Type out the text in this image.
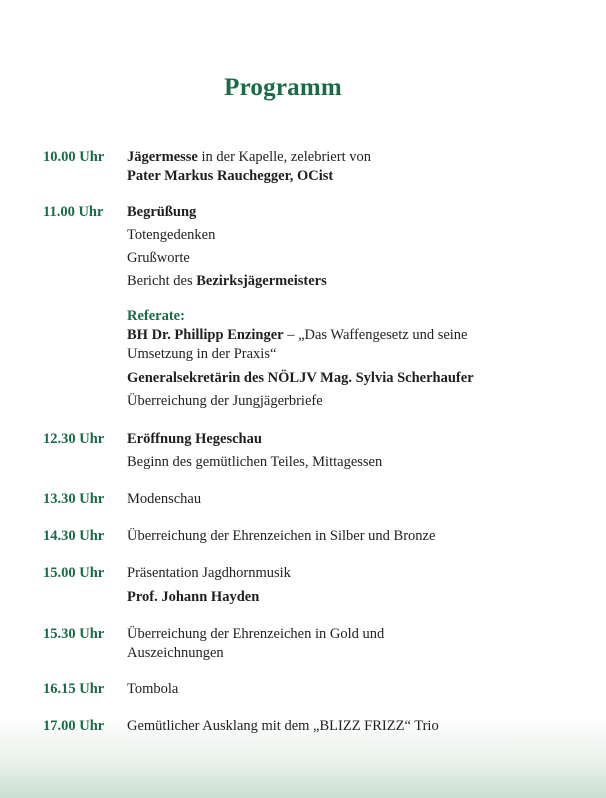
Programm
10.00 Uhr	Jägermesse in der Kapelle, zelebriert von
Pater Markus Rauchegger, OCist
11.00 Uhr	Begrüßung
Totengedenken
Grußworte
Bericht des Bezirksjägermeisters
Referate:
BH Dr. Phillipp Enzinger – „Das Waffengesetz und seine Umsetzung in der Praxis“
Generalsekretärin des NÖLJV Mag. Sylvia Scherhaufer
Überreichung der Jungjägerbriefe
12.30 Uhr	Eröffnung Hegeschau
Beginn des gemütlichen Teiles, Mittagessen
13.30 Uhr	Modenschau
14.30 Uhr	Überreichung der Ehrenzeichen in Silber und Bronze
15.00 Uhr	Präsentation Jagdhornmusik
Prof. Johann Hayden
15.30 Uhr	Überreichung der Ehrenzeichen in Gold und
Auszeichnungen
16.15 Uhr	Tombola
17.00 Uhr	Gemütlicher Ausklang mit dem „BLIZZ FRIZZ“ Trio
